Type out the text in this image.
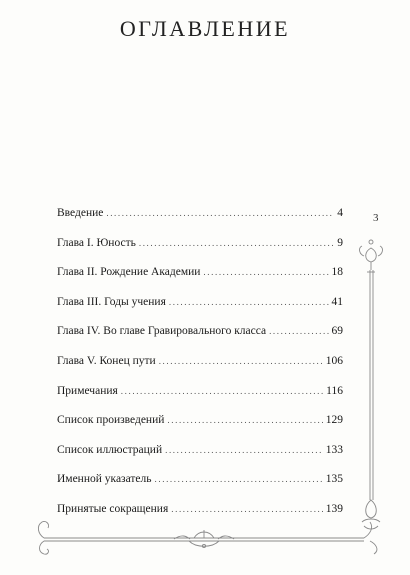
ОГЛАВЛЕНИЕ
3
Введение .....	4
Глава I. Юность .....	9
Глава II. Рождение Академии .....	18
Глава III. Годы учения .....	41
Глава IV. Во главе Гравировального класса .....	69
Глава V. Конец пути .....	106
Примечания .....	116
Список произведений .....	129
Список иллюстраций .....	133
Именной указатель .....	135
Принятые сокращения .....	139
